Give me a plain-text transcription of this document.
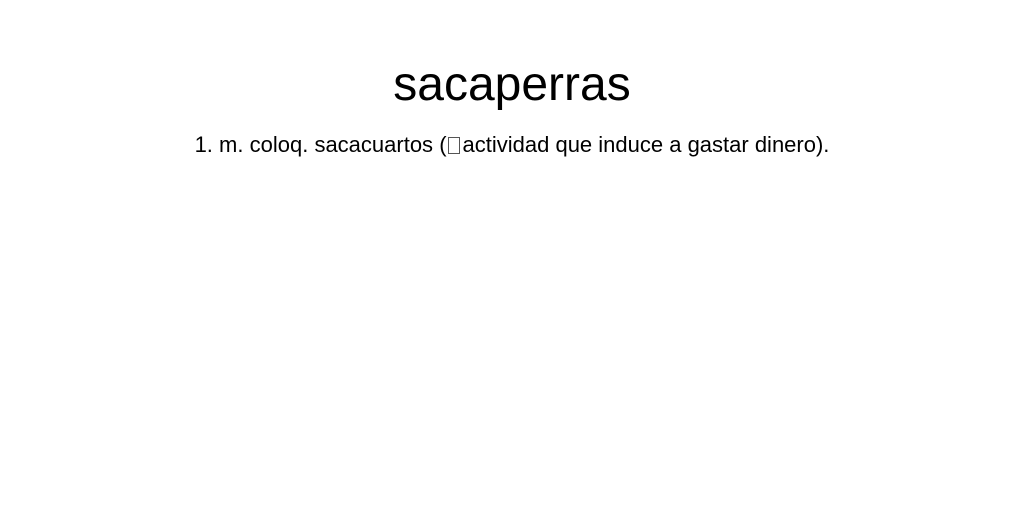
sacaperras

1. m. coloq. sacacuartos ( actividad que induce a gastar dinero).
